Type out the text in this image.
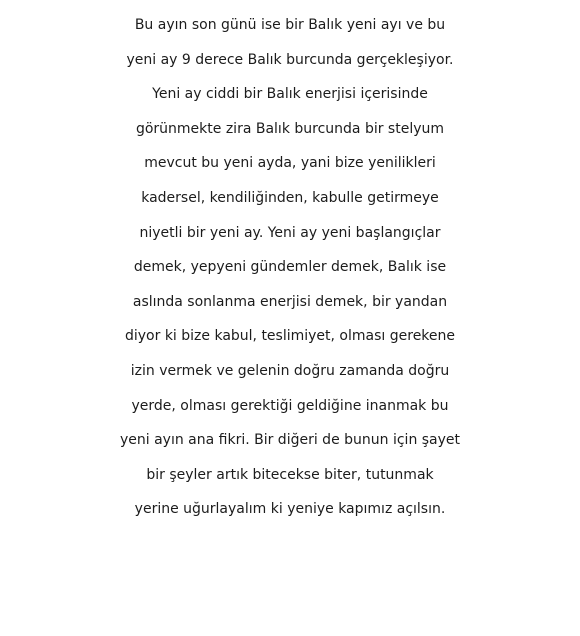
Bu ayın son günü ise bir Balık yeni ayı ve bu
yeni ay 9 derece Balık burcunda gerçekleşiyor.
Yeni ay ciddi bir Balık enerjisi içerisinde
görünmekte zira Balık burcunda bir stelyum
mevcut bu yeni ayda, yani bize yenilikleri
kadersel, kendiliğinden, kabulle getirmeye
niyetli bir yeni ay. Yeni ay yeni başlangıçlar
demek, yepyeni gündemler demek, Balık ise
aslında sonlanma enerjisi demek, bir yandan
diyor ki bize kabul, teslimiyet, olması gerekene
izin vermek ve gelenin doğru zamanda doğru
yerde, olması gerektiği geldiğine inanmak bu
yeni ayın ana fikri. Bir diğeri de bunun için şayet
bir şeyler artık bitecekse biter, tutunmak
yerine uğurlayalım ki yeniye kapımız açılsın.
